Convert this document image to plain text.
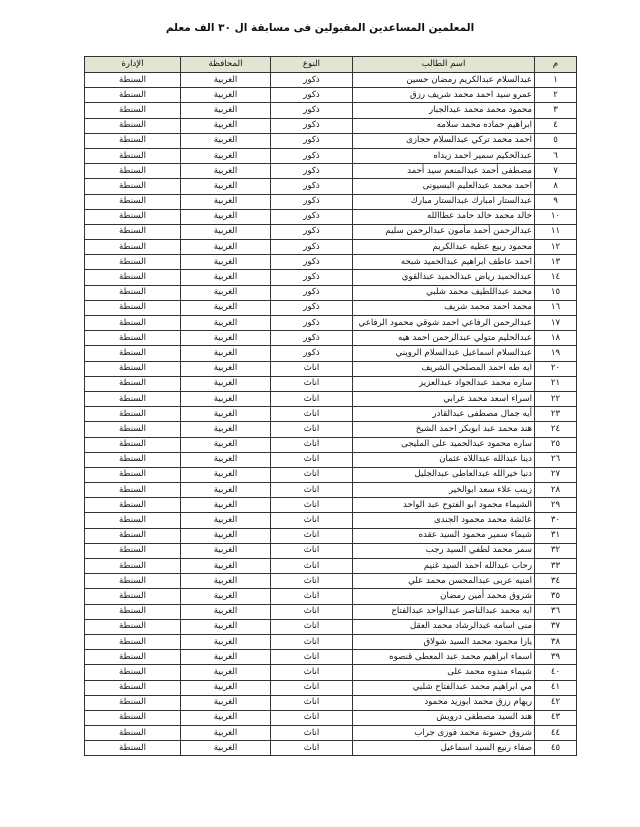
المعلمين المساعدين المقبولين فى مسابقة ال ٣٠ الف معلم
م	اسم الطالب	النوع	المحافظة	الإدارة
١	عبدالسلام عبدالكريم رمضان حسين	ذكور	الغربية	السنطة
٢	عمرو سيد احمد محمد شريف رزق	ذكور	الغربية	السنطة
٣	محمود محمد محمد عبدالجبار	ذكور	الغربية	السنطة
٤	ابراهيم حماده محمد سلامه	ذكور	الغربية	السنطة
٥	احمد محمد تركي عبدالسلام حجازى	ذكور	الغربية	السنطة
٦	عبدالحكيم سمير احمد زيداه	ذكور	الغربية	السنطة
٧	مصطفى أحمد عبدالمنعم سيد أحمد	ذكور	الغربية	السنطة
٨	احمد محمد عبدالعليم البسيونى	ذكور	الغربية	السنطة
٩	عبدالستار امبارك عبدالستار مبارك	ذكور	الغربية	السنطة
١٠	خالد محمد خالد حامد عطاالله	ذكور	الغربية	السنطة
١١	عبدالرحمن أحمد مأمون عبدالرحمن سليم	ذكور	الغربية	السنطة
١٢	محمود ربيع عطيه عبدالكريم	ذكور	الغربية	السنطة
١٣	احمد عاطف ابراهيم عبدالحميد شبحه	ذكور	الغربية	السنطة
١٤	عبدالحميد رياض عبدالحميد عبدالقوي	ذكور	الغربية	السنطة
١٥	محمد عبداللطيف محمد شلبي	ذكور	الغربية	السنطة
١٦	محمد احمد محمد شريف	ذكور	الغربية	السنطة
١٧	عبدالرحمن الرفاعي احمد شوقي محمود الرفاعي	ذكور	الغربية	السنطة
١٨	عبدالحليم متولي عبدالرحمن احمد هيه	ذكور	الغربية	السنطة
١٩	عبدالسلام اسماعيل عبدالسلام الرويني	ذكور	الغربية	السنطة
٢٠	ايه طه احمد المصلحي الشريف	اناث	الغربية	السنطة
٢١	ساره محمد عبدالجواد عبدالعزيز	اناث	الغربية	السنطة
٢٢	اسراء اسعد محمد عرابي	اناث	الغربية	السنطة
٢٣	أيه جمال مصطفى عبدالقادر	اناث	الغربية	السنطة
٢٤	هند محمد عبد ابوبكر احمد الشيخ	اناث	الغربية	السنطة
٢٥	ساره محمود عبدالحميد على المليجى	اناث	الغربية	السنطة
٢٦	دينا عبدالله عبداللاه عثمان	اناث	الغربية	السنطة
٢٧	دنيا خيرالله عبدالعاطى عبدالجليل	اناث	الغربية	السنطة
٢٨	زينب علاء سعد ابوالخير	اناث	الغربية	السنطة
٢٩	الشيماء محمود ابو الفتوح عبد الواحد	اناث	الغربية	السنطة
٣٠	عائشة محمد محمود الجندى	اناث	الغربية	السنطة
٣١	شيماء سمير محمود السيد عقده	اناث	الغربية	السنطة
٣٢	سمر محمد لطفي السيد رجب	اناث	الغربية	السنطة
٣٣	رحاب عبدالله احمد السيد غنيم	اناث	الغربية	السنطة
٣٤	امنيه عربى عبدالمحسن محمد علي	اناث	الغربية	السنطة
٣٥	شروق محمد أمين رمضان	اناث	الغربية	السنطة
٣٦	ايه محمد عبدالناصر عبدالواحد عبدالفتاح	اناث	الغربية	السنطة
٣٧	منى اسامه عبدالرشاد محمد العقل	اناث	الغربية	السنطة
٣٨	يارا محمود محمد السيد شولاق	اناث	الغربية	السنطة
٣٩	اسماء ابراهيم محمد عبد المعطى قنصوه	اناث	الغربية	السنطة
٤٠	شيماء منذوه محمد على	اناث	الغربية	السنطة
٤١	مي ابراهيم محمد عبدالفتاح شلبي	اناث	الغربية	السنطة
٤٢	ريهام رزق محمد ابوزيد محمود	اناث	الغربية	السنطة
٤٣	هند السيد مصطفى درويش	اناث	الغربية	السنطة
٤٤	شروق حسونة محمد فوزى جراب	اناث	الغربية	السنطة
٤٥	صفاء ربيع السيد اسماعيل	اناث	الغربية	السنطة
